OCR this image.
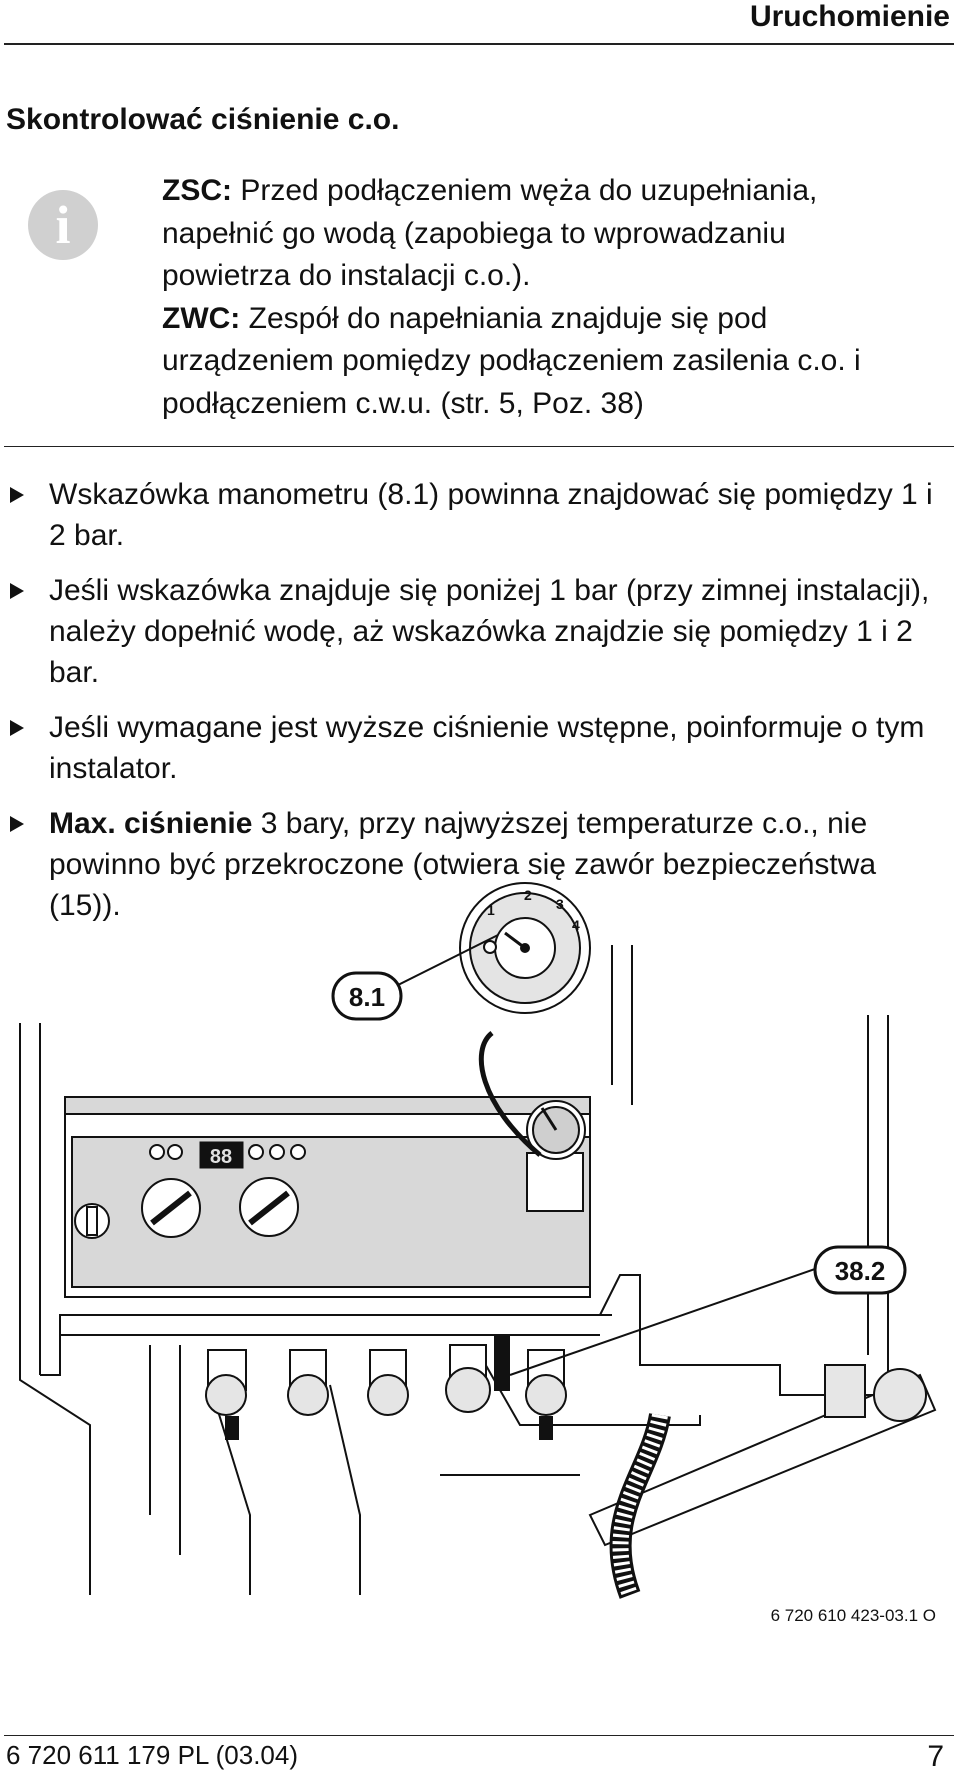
Uruchomienie
Skontrolować ciśnienie c.o.
i

ZSC: Przed podłączeniem węża do uzupełniania, napełnić go wodą (zapobiega to wprowadzaniu powietrza do instalacji c.o.).

ZWC: Zespół do napełniania znajduje się pod urządzeniem pomiędzy podłączeniem zasilenia c.o. i podłączeniem c.w.u. (str. 5, Poz. 38)

Wskazówka manometru (8.1) powinna znajdować się pomiędzy 1 i 2 bar.
Jeśli wskazówka znajduje się poniżej 1 bar (przy zimnej instalacji), należy dopełnić wodę, aż wskazówka znajdzie się pomiędzy 1 i 2 bar.
Jeśli wymagane jest wyższe ciśnienie wstępne, poinformuje o tym instalator.
Max. ciśnienie 3 bary, przy najwyższej temperaturze c.o., nie powinno być przekroczone (otwiera się zawór bezpieczeństwa (15)).
88
1
2
3
4
8.1
38.2
6 720 610 423-03.1 O
6 720 611 179 PL (03.04)	7
